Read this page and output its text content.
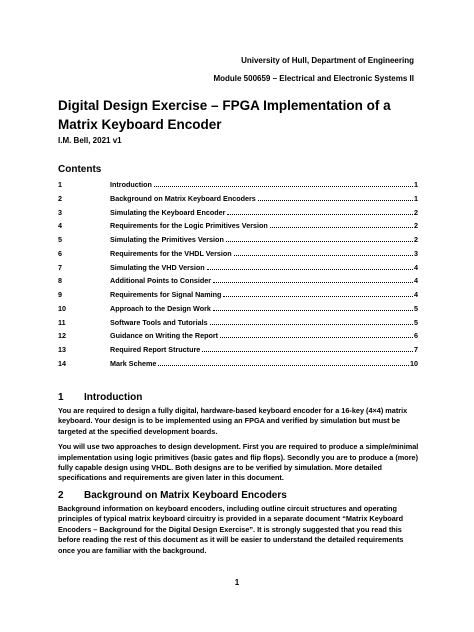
University of Hull, Department of Engineering
Module 500659 – Electrical and Electronic Systems II
Digital Design Exercise – FPGA Implementation of a Matrix Keyboard Encoder
I.M. Bell, 2021 v1
Contents
1	Introduction	1
2	Background on Matrix Keyboard Encoders	1
3	Simulating the Keyboard Encoder	2
4	Requirements for the Logic Primitives Version	2
5	Simulating the Primitives Version	2
6	Requirements for the VHDL Version	3
7	Simulating the VHD Version	4
8	Additional Points to Consider	4
9	Requirements for Signal Naming	4
10	Approach to the Design Work	5
11	Software Tools and Tutorials	5
12	Guidance on Writing the Report	6
13	Required Report Structure	7
14	Mark Scheme	10
1	Introduction

You are required to design a fully digital, hardware-based keyboard encoder for a 16-key (4×4) matrix keyboard. Your design is to be implemented using an FPGA and verified by simulation but must be targeted at the specified development boards.

You will use two approaches to design development. First you are required to produce a simple/minimal implementation using logic primitives (basic gates and flip flops). Secondly you are to produce a (more) fully capable design using VHDL. Both designs are to be verified by simulation. More detailed specifications and requirements are given later in this document.

2	Background on Matrix Keyboard Encoders

Background information on keyboard encoders, including outline circuit structures and operating principles of typical matrix keyboard circuitry is provided in a separate document “Matrix Keyboard Encoders – Background for the Digital Design Exercise”. It is strongly suggested that you read this before reading the rest of this document as it will be easier to understand the detailed requirements once you are familiar with the background.

1
